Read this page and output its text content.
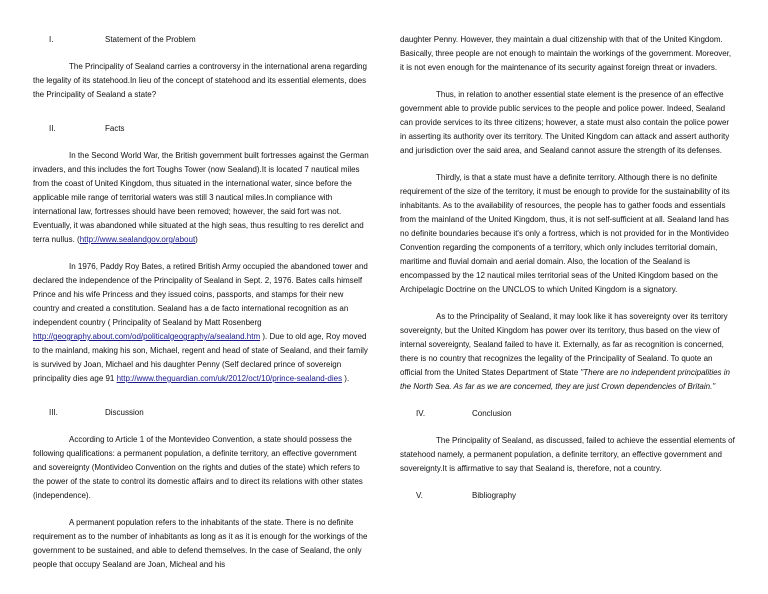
I.	Statement of the Problem

The Principality of Sealand carries a controversy in the international arena regarding the legality of its statehood.In lieu of the concept of statehood and its essential elements, does the Principality of Sealand a state?

II.	Facts

In the Second World War, the British government built fortresses against the German invaders, and this includes the fort Toughs Tower (now Sealand).It is located 7 nautical miles from the coast of United Kingdom, thus situated in the international water, since before the applicable mile range of territorial waters was still 3 nautical miles.In compliance with international law, fortresses should have been removed; however, the said fort was not. Eventually, it was abandoned while situated at the high seas, thus resulting to res derelict and terra nullus. (http://www.sealandgov.org/about)

In 1976, Paddy Roy Bates, a retired British Army occupied the abandoned tower and declared the independence of the Principality of Sealand in Sept. 2, 1976. Bates calls himself Prince and his wife Princess and they issued coins, passports, and stamps for their new country and created a constitution. Sealand has a de facto international recognition as an independent country ( Principality of Sealand by Matt Rosenberg http://geography.about.com/od/politicalgeography/a/sealand.htm ). Due to old age, Roy moved to the mainland, making his son, Michael, regent and head of state of Sealand, and their family is survived by Joan, Michael and his daughter Penny (Self declared prince of sovereign principality dies age 91 http://www.theguardian.com/uk/2012/oct/10/prince-sealand-dies ).

III.	Discussion

According to Article 1 of the Montevideo Convention, a state should possess the following qualifications: a permanent population, a definite territory, an effective government and sovereignty (Montivideo Convention on the rights and duties of the state) which refers to the power of the state to control its domestic affairs and to direct its relations with other states (independence).

A permanent population refers to the inhabitants of the state. There is no definite requirement as to the number of inhabitants as long as it as it is enough for the workings of the government to be sustained, and able to defend themselves. In the case of Sealand, the only people that occupy Sealand are Joan, Micheal and his

daughter Penny. However, they maintain a dual citizenship with that of the United Kingdom. Basically, three people are not enough to maintain the workings of the government. Moreover, it is not even enough for the maintenance of its security against foreign threat or invaders.

Thus, in relation to another essential state element is the presence of an effective government able to provide public services to the people and police power. Indeed, Sealand can provide services to its three citizens; however, a state must also contain the police power in asserting its authority over its territory. The United Kingdom can attack and assert authority and jurisdiction over the said area, and Sealand cannot assure the strength of its defenses.

Thirdly, is that a state must have a definite territory. Although there is no definite requirement of the size of the territory, it must be enough to provide for the sustainability of its inhabitants. As to the availability of resources, the people has to gather foods and essentials from the mainland of the United Kingdom, thus, it is not self-sufficient at all. Sealand land has no definite boundaries because it's only a fortress, which is not provided for in the Montivideo Convention regarding the components of a territory, which only includes territorial domain, maritime and fluvial domain and aerial domain. Also, the location of the Sealand is encompassed by the 12 nautical miles territorial seas of the United Kingdom based on the Archipelagic Doctrine on the UNCLOS to which United Kingdom is a signatory.

As to the Principality of Sealand, it may look like it has sovereignty over its territory sovereignty, but the United Kingdom has power over its territory, thus based on the view of internal sovereignty, Sealand failed to have it. Externally, as far as recognition is concerned, there is no country that recognizes the legality of the Principality of Sealand. To quote an official from the United States Department of State "There are no independent principalities in the North Sea. As far as we are concerned, they are just Crown dependencies of Britain."

IV.	Conclusion

The Principality of Sealand, as discussed, failed to achieve the essential elements of statehood namely, a permanent population, a definite territory, an effective government and sovereignty.It is affirmative to say that Sealand is, therefore, not a country.

V.	Bibliography
